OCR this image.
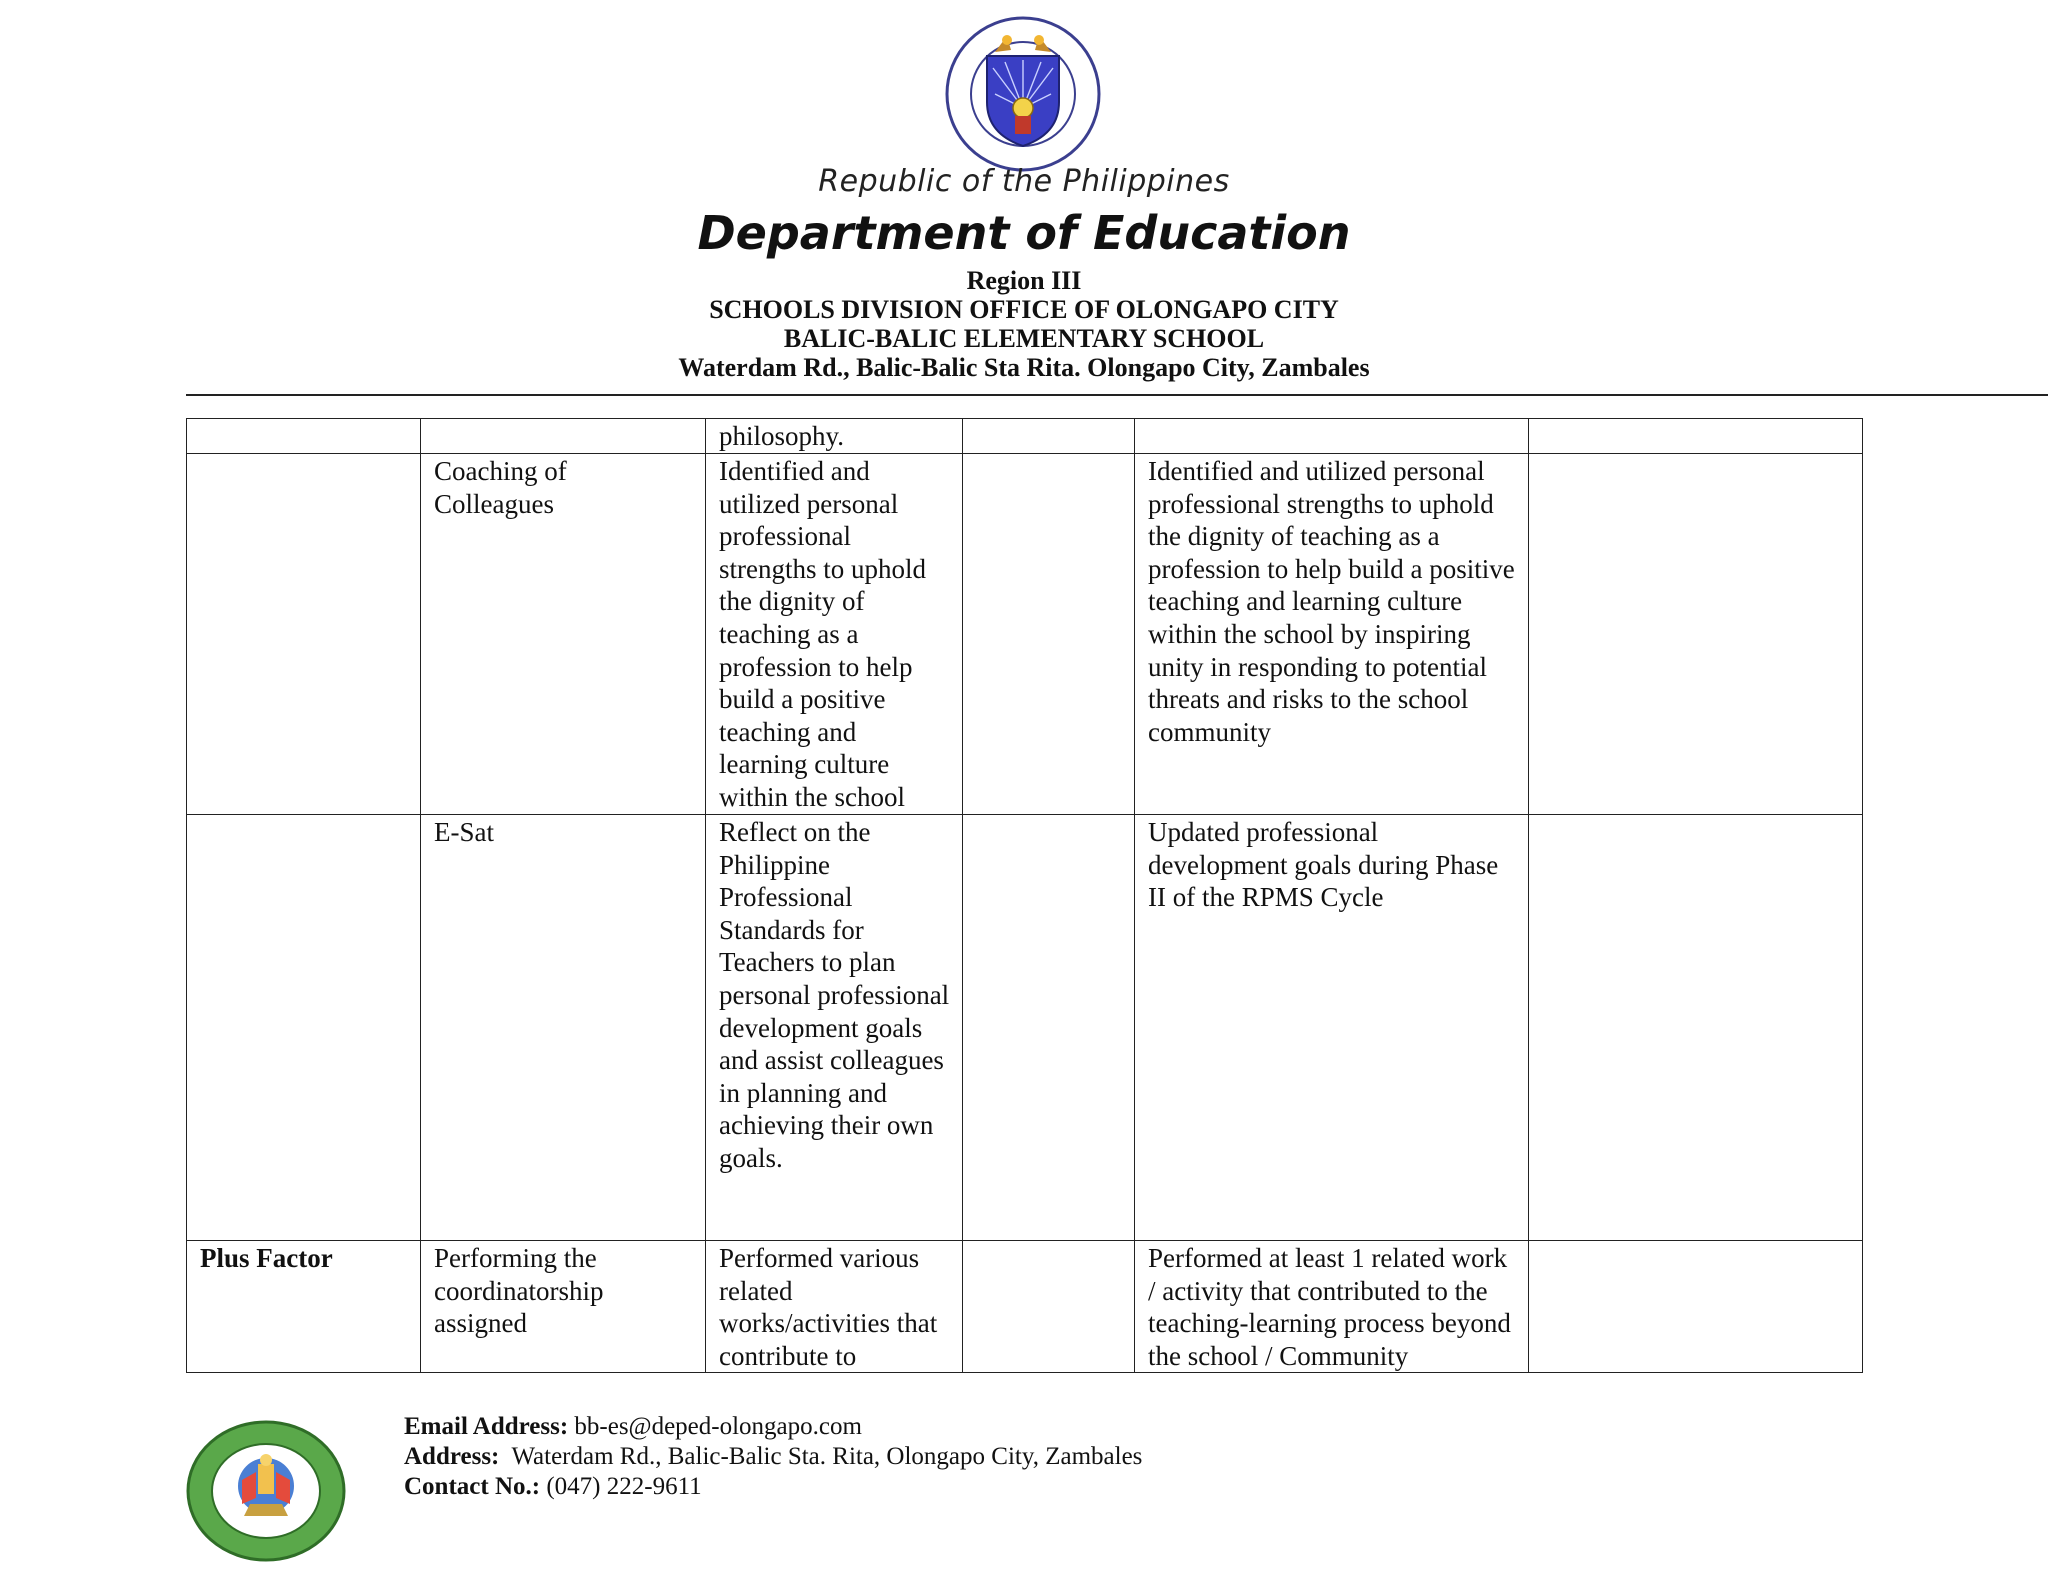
Republic of the Philippines
Department of Education
Region III
SCHOOLS DIVISION OFFICE OF OLONGAPO CITY
BALIC-BALIC ELEMENTARY SCHOOL
Waterdam Rd., Balic-Balic Sta Rita. Olongapo City, Zambales
		philosophy.			
	Coaching of Colleagues	Identified and utilized personal professional strengths to uphold the dignity of teaching as a profession to help build a positive teaching and learning culture within the school		Identified and utilized personal professional strengths to uphold the dignity of teaching as a profession to help build a positive teaching and learning culture within the school by inspiring unity in responding to potential threats and risks to the school community	
	E-Sat	Reflect on the Philippine Professional Standards for Teachers to plan personal professional development goals and assist colleagues in planning and achieving their own goals.		Updated professional development goals during Phase II of the RPMS Cycle	
Plus Factor	Performing the coordinatorship assigned	Performed various related works/activities that contribute to		Performed at least 1 related work / activity that contributed to the teaching-learning process beyond the school / Community	
Email Address: bb-es@deped-olongapo.com
Address: Waterdam Rd., Balic-Balic Sta. Rita, Olongapo City, Zambales
Contact No.: (047) 222-9611
